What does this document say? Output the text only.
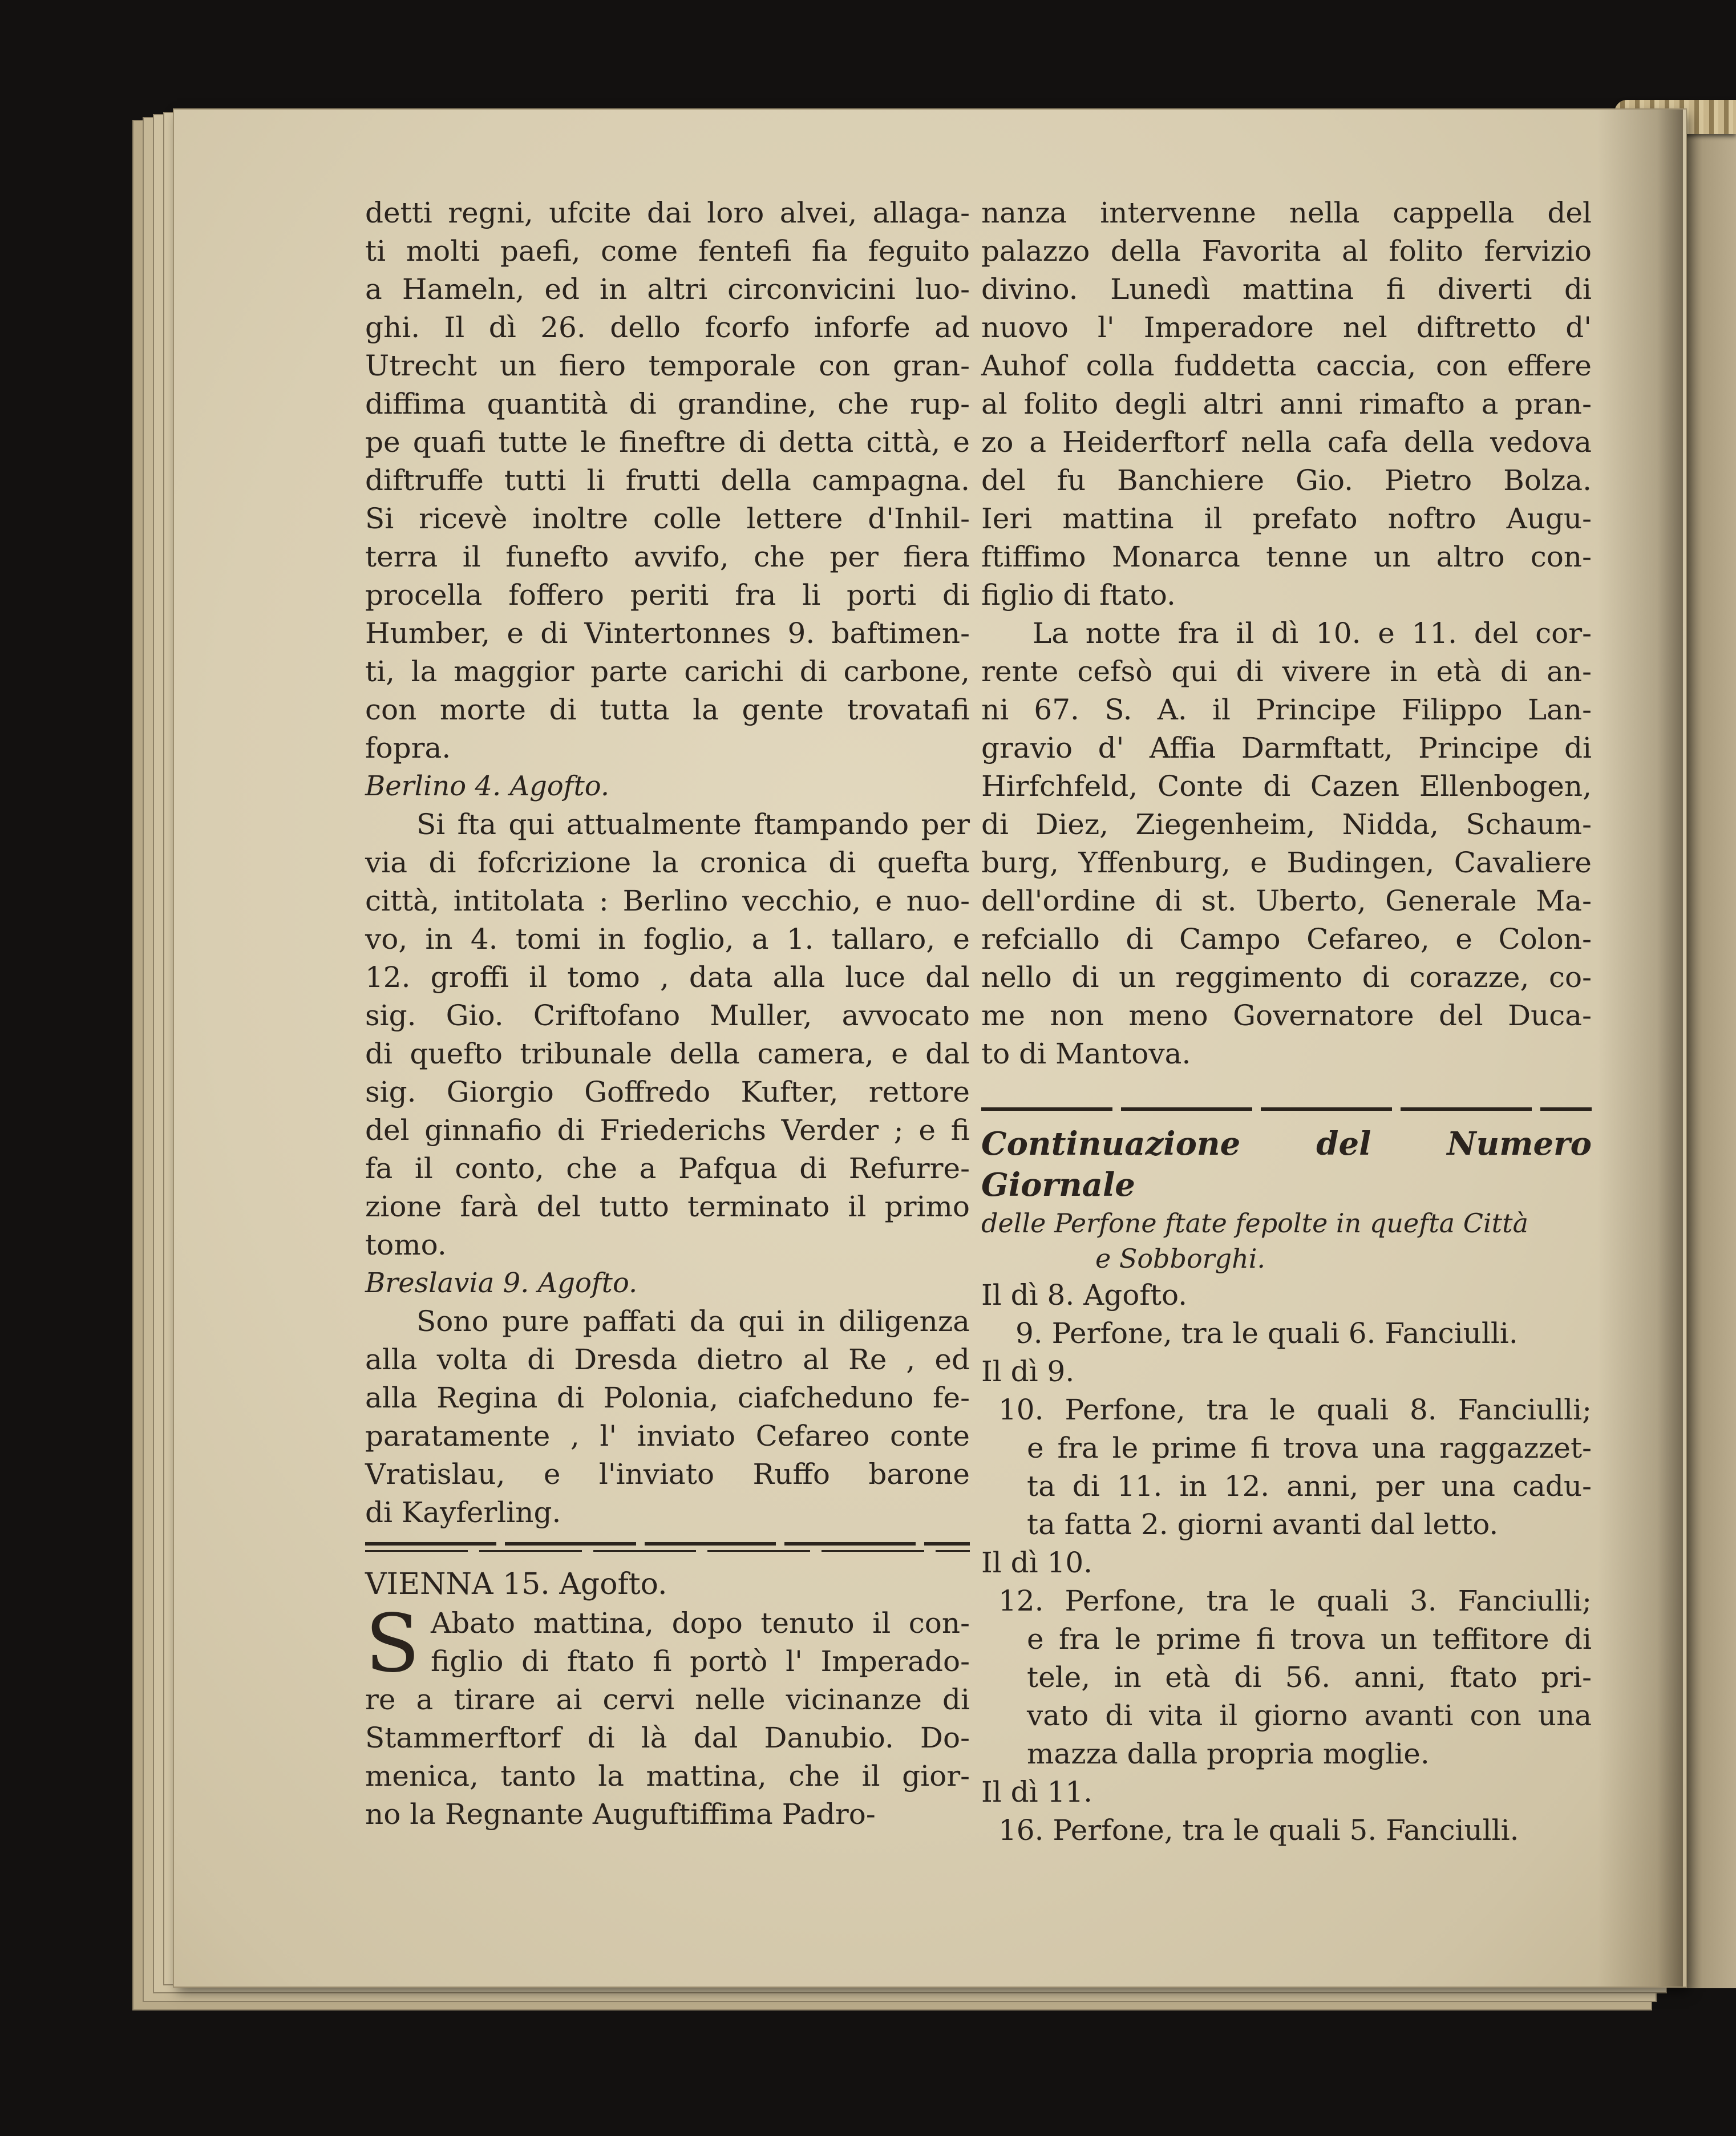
detti regni, ufcite dai loro alvei, allaga-
ti molti paefi, come fentefi fia feguito
a Hameln, ed in altri circonvicini luo-
ghi. Il dì 26. dello fcorfo inforfe ad
Utrecht un fiero temporale con gran-
diffima quantità di grandine, che rup-
pe quafi tutte le fineftre di detta città, e
diftruffe tutti li frutti della campagna.
Si ricevè inoltre colle lettere d'Inhil-
terra il funefto avvifo, che per fiera
procella foffero periti fra li porti di
Humber, e di Vintertonnes 9. baftimen-
ti, la maggior parte carichi di carbone,
con morte di tutta la gente trovatafi
fopra.

Berlino 4. Agofto.

Si fta qui attualmente ftampando per
via di fofcrizione la cronica di quefta
città, intitolata : Berlino vecchio, e nuo-
vo, in 4. tomi in foglio, a 1. tallaro, e
12. groffi il tomo , data alla luce dal
sig. Gio. Criftofano Muller, avvocato
di quefto tribunale della camera, e dal
sig. Giorgio Goffredo Kufter, rettore
del ginnafio di Friederichs Verder ; e fi
fa il conto, che a Pafqua di Refurre-
zione farà del tutto terminato il primo
tomo.

Breslavia 9. Agofto.

Sono pure paffati da qui in diligenza
alla volta di Dresda dietro al Re , ed
alla Regina di Polonia, ciafcheduno fe-
paratamente , l' inviato Cefareo conte
Vratislau, e l'inviato Ruffo barone
di Kayferling.

VIENNA 15. Agofto.

S Abato mattina, dopo tenuto il con-
figlio di ftato fi portò l' Imperado-
re a tirare ai cervi nelle vicinanze di
Stammerftorf di là dal Danubio. Do-
menica, tanto la mattina, che il gior-
no la Regnante Auguftiffima Padro-
nanza intervenne nella cappella del
palazzo della Favorita al folito fervizio
divino. Lunedì mattina fi diverti di
nuovo l' Imperadore nel diftretto d'
Auhof colla fuddetta caccia, con effere
al folito degli altri anni rimafto a pran-
zo a Heiderftorf nella cafa della vedova
del fu Banchiere Gio. Pietro Bolza.
Ieri mattina il prefato noftro Augu-
ftiffimo Monarca tenne un altro con-
figlio di ftato.
La notte fra il dì 10. e 11. del cor-
rente cefsò qui di vivere in età di an-
ni 67. S. A. il Principe Filippo Lan-
gravio d' Affia Darmftatt, Principe di
Hirfchfeld, Conte di Cazen Ellenbogen,
di Diez, Ziegenheim, Nidda, Schaum-
burg, Yffenburg, e Budingen, Cavaliere
dell'ordine di st. Uberto, Generale Ma-
refciallo di Campo Cefareo, e Colon-
nello di un reggimento di corazze, co-
me non meno Governatore del Duca-
to di Mantova.

Continuazione del Numero Giornale

delle Perfone ftate fepolte in quefta Città

e Sobborghi.

Il dì 8. Agofto.

9. Perfone, tra le quali 6. Fanciulli.

Il dì 9.

10. Perfone, tra le quali 8. Fanciulli;
e fra le prime fi trova una raggazzet-
ta di 11. in 12. anni, per una cadu-
ta fatta 2. giorni avanti dal letto.

Il dì 10.

12. Perfone, tra le quali 3. Fanciulli;
e fra le prime fi trova un teffitore di
tele, in età di 56. anni, ftato pri-
vato di vita il giorno avanti con una
mazza dalla propria moglie.

Il dì 11.

16. Perfone, tra le quali 5. Fanciulli.
